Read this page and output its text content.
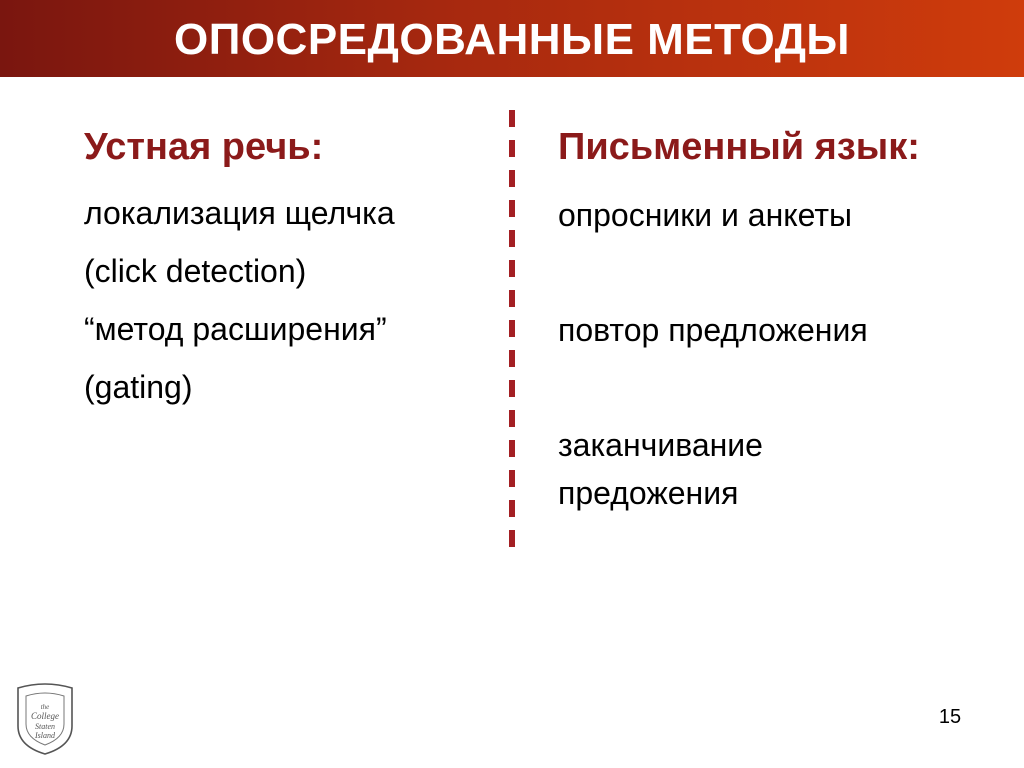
ОПОСРЕДОВАННЫЕ МЕТОДЫ
Устная речь:
локализация щелчка
(click detection)
“метод расширения”
(gating)
Письменный язык:
опросники и анкеты
повтор предложения
заканчивание
предожения
the
College
Staten
Island
15
